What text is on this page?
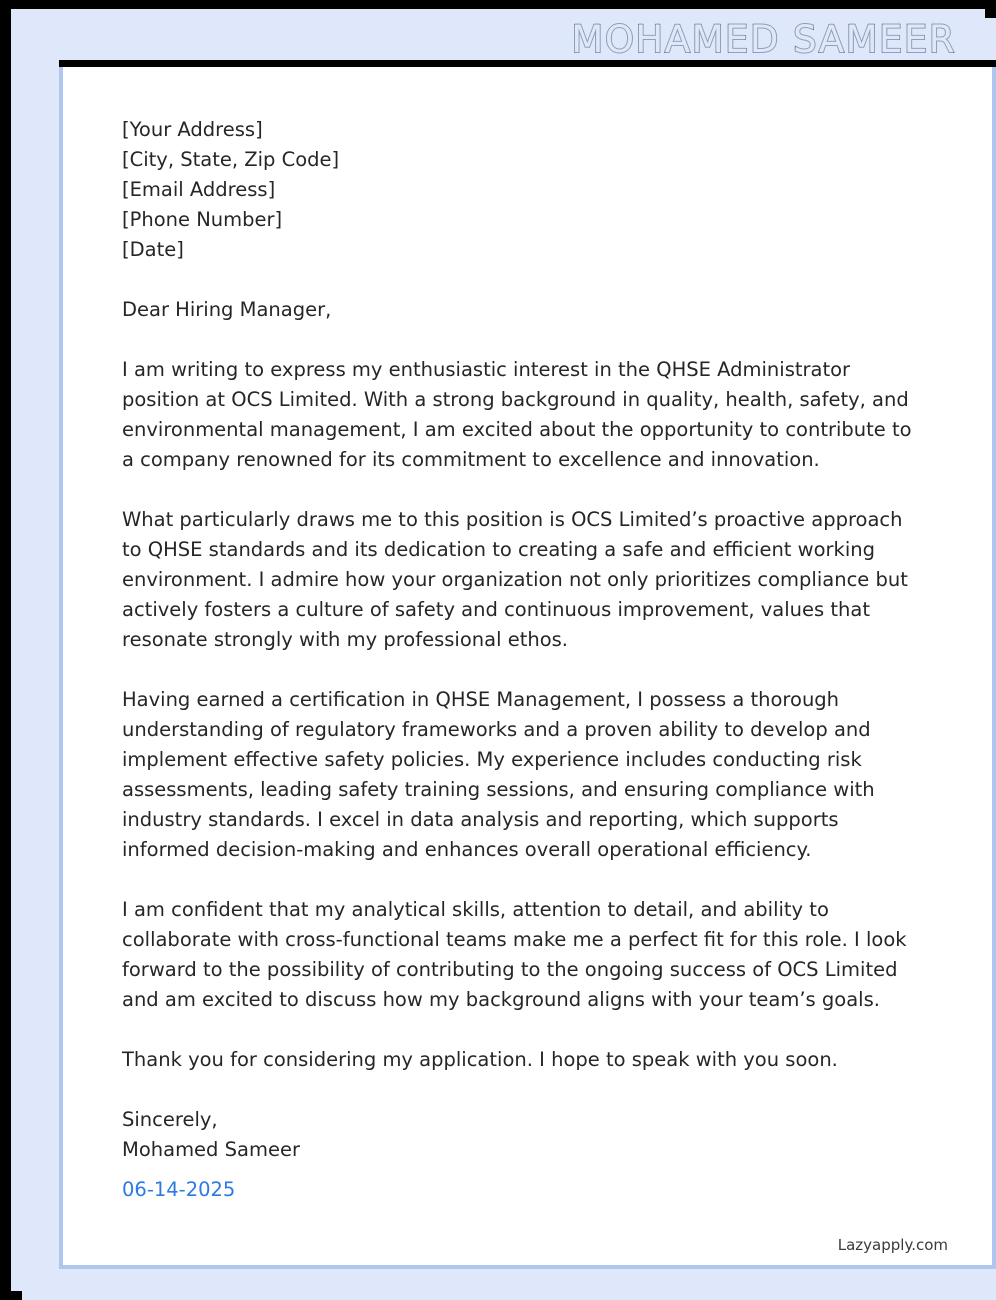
MOHAMED SAMEER
[Your Address]
[City, State, Zip Code]
[Email Address]
[Phone Number]
[Date]
Dear Hiring Manager,

I am writing to express my enthusiastic interest in the QHSE Administrator position at OCS Limited. With a strong background in quality, health, safety, and environmental management, I am excited about the opportunity to contribute to a company renowned for its commitment to excellence and innovation.

What particularly draws me to this position is OCS Limited’s proactive approach to QHSE standards and its dedication to creating a safe and efficient working environment. I admire how your organization not only prioritizes compliance but actively fosters a culture of safety and continuous improvement, values that resonate strongly with my professional ethos.

Having earned a certification in QHSE Management, I possess a thorough understanding of regulatory frameworks and a proven ability to develop and implement effective safety policies. My experience includes conducting risk assessments, leading safety training sessions, and ensuring compliance with industry standards. I excel in data analysis and reporting, which supports informed decision-making and enhances overall operational efficiency.

I am confident that my analytical skills, attention to detail, and ability to collaborate with cross-functional teams make me a perfect fit for this role. I look forward to the possibility of contributing to the ongoing success of OCS Limited and am excited to discuss how my background aligns with your team’s goals.

Thank you for considering my application. I hope to speak with you soon.

Sincerely,
Mohamed Sameer
06-14-2025
Lazyapply.com
